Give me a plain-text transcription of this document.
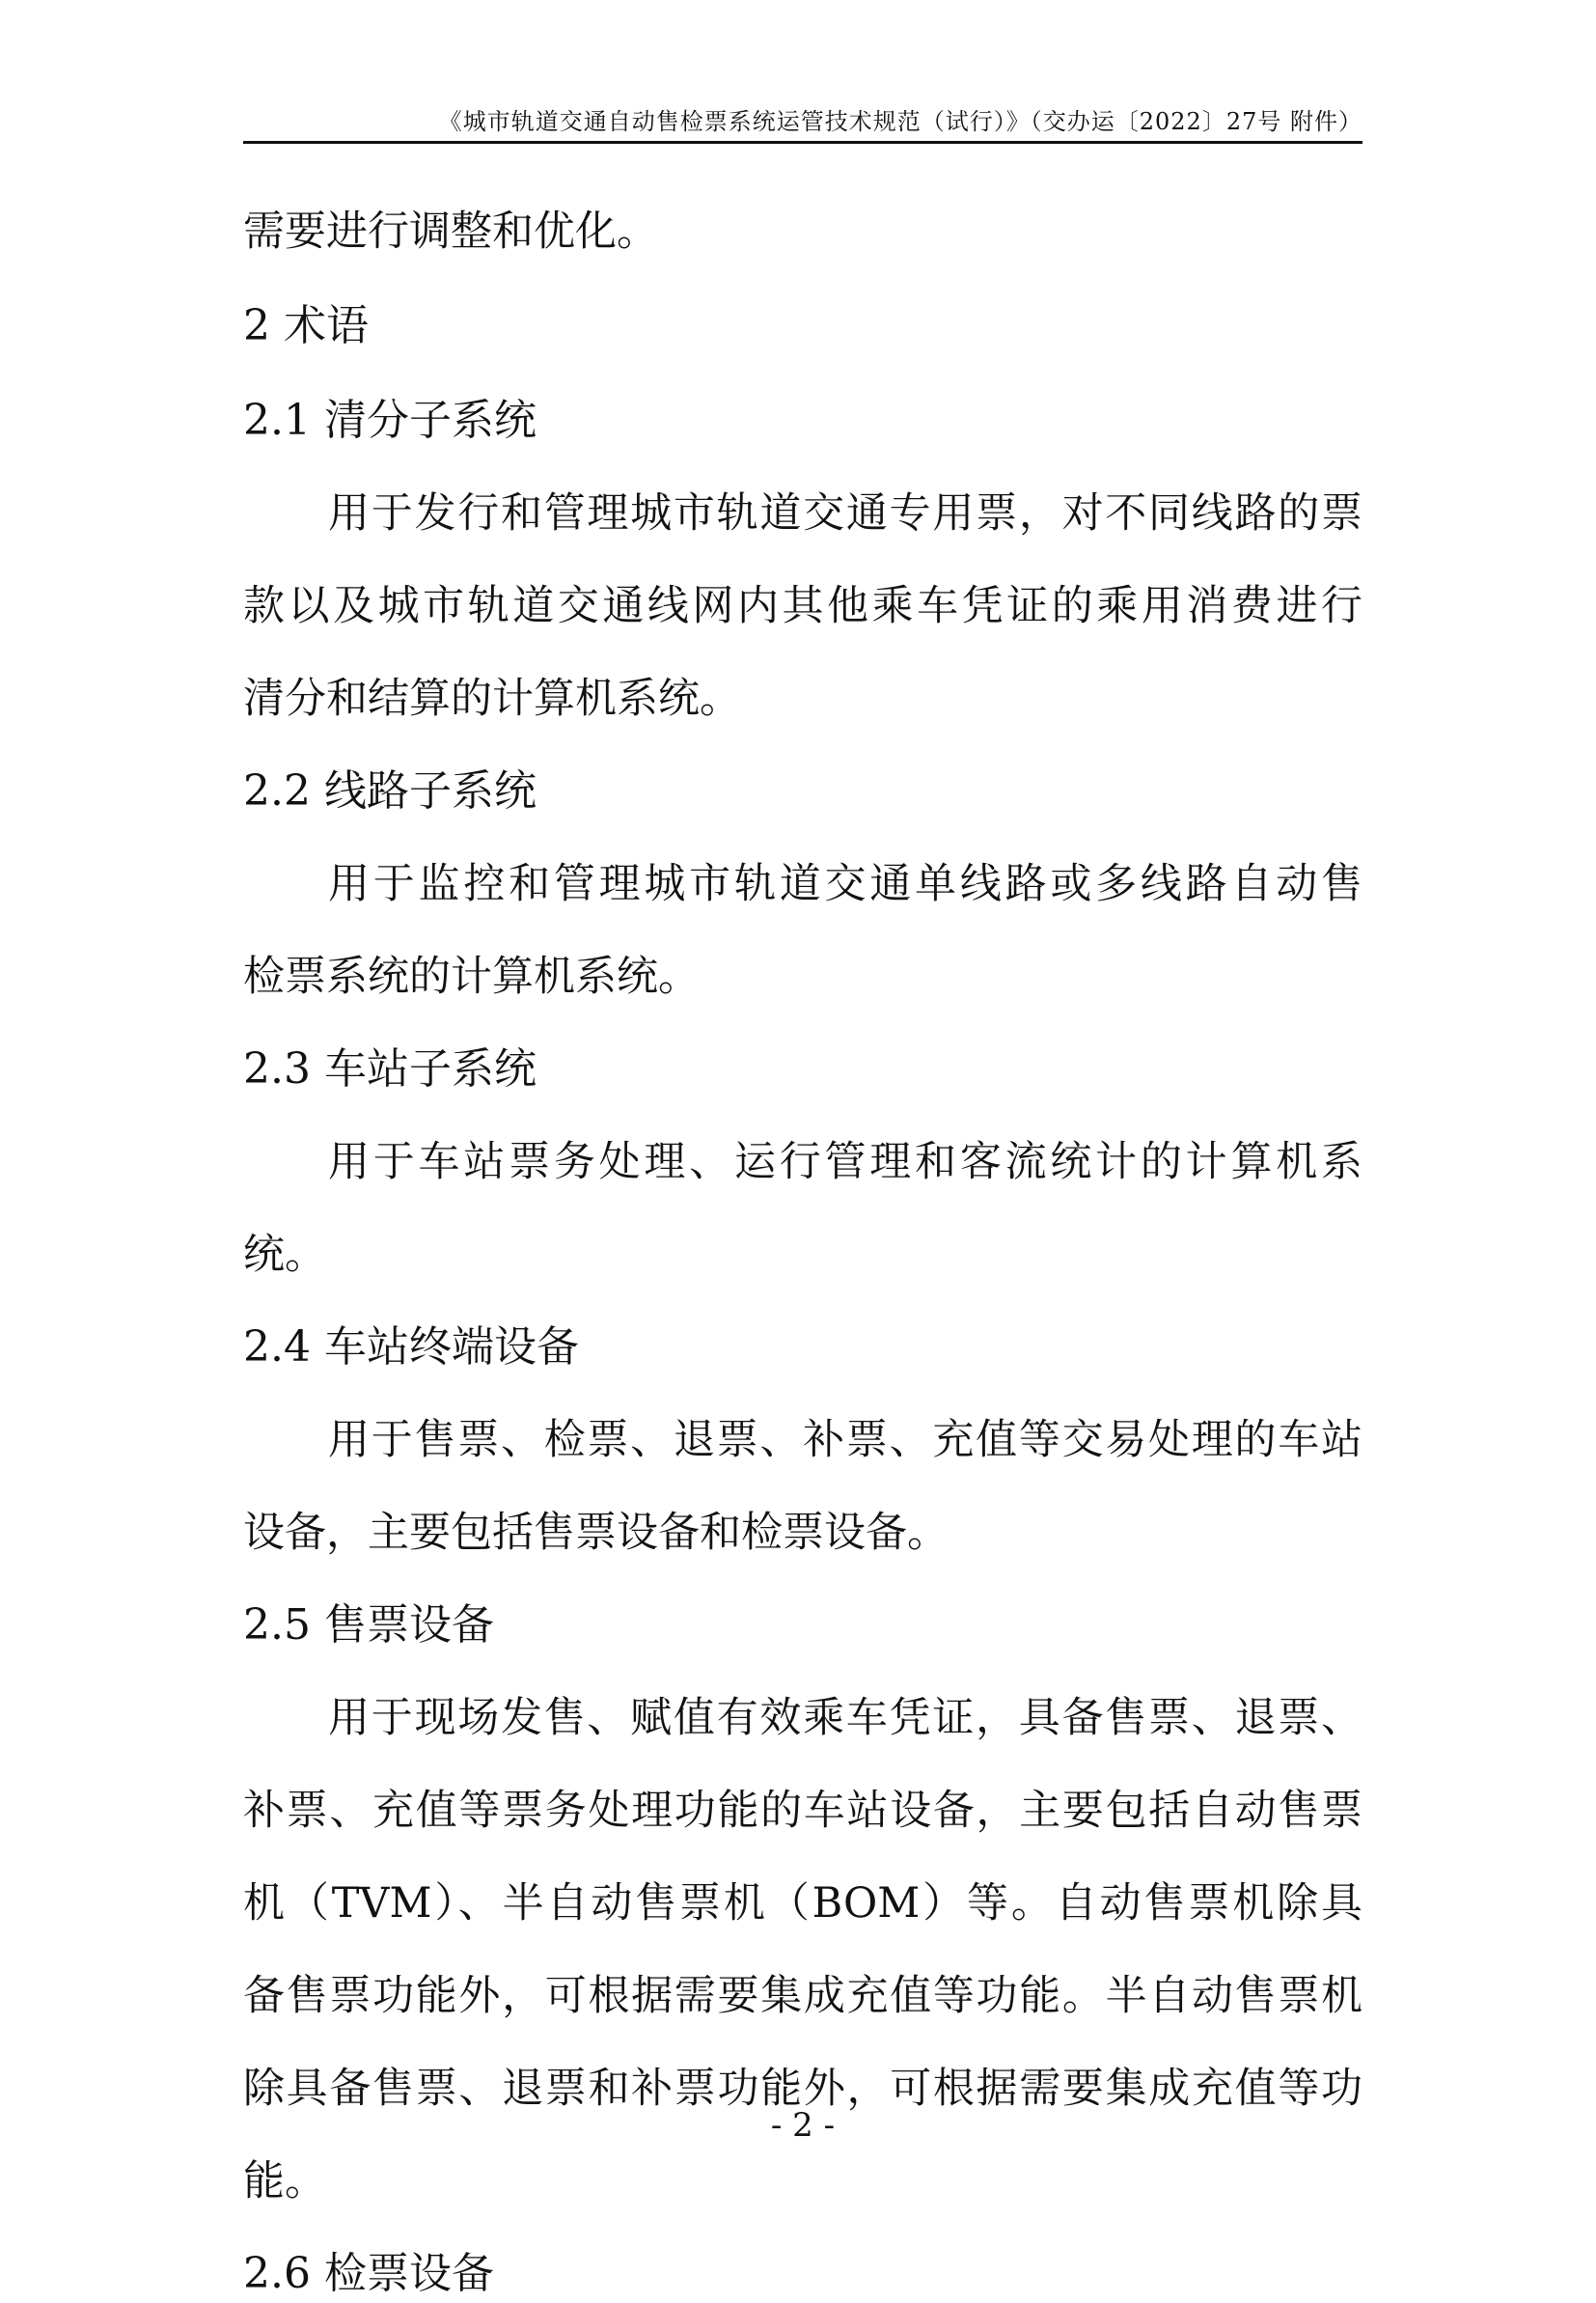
《城市轨道交通自动售检票系统运管技术规范（试行）》（交办运〔2022〕27号 附件）
需要进行调整和优化。
2 术语
2.1 清分子系统
用于发行和管理城市轨道交通专用票，对不同线路的票
款以及城市轨道交通线网内其他乘车凭证的乘用消费进行
清分和结算的计算机系统。
2.2 线路子系统
用于监控和管理城市轨道交通单线路或多线路自动售
检票系统的计算机系统。
2.3 车站子系统
用于车站票务处理、运行管理和客流统计的计算机系
统。
2.4 车站终端设备
用于售票、检票、退票、补票、充值等交易处理的车站
设备，主要包括售票设备和检票设备。
2.5 售票设备
用于现场发售、赋值有效乘车凭证，具备售票、退票、
补票、充值等票务处理功能的车站设备，主要包括自动售票
机（TVM）、半自动售票机（BOM）等。自动售票机除具
备售票功能外，可根据需要集成充值等功能。半自动售票机
除具备售票、退票和补票功能外，可根据需要集成充值等功
能。
2.6 检票设备
- 2 -
